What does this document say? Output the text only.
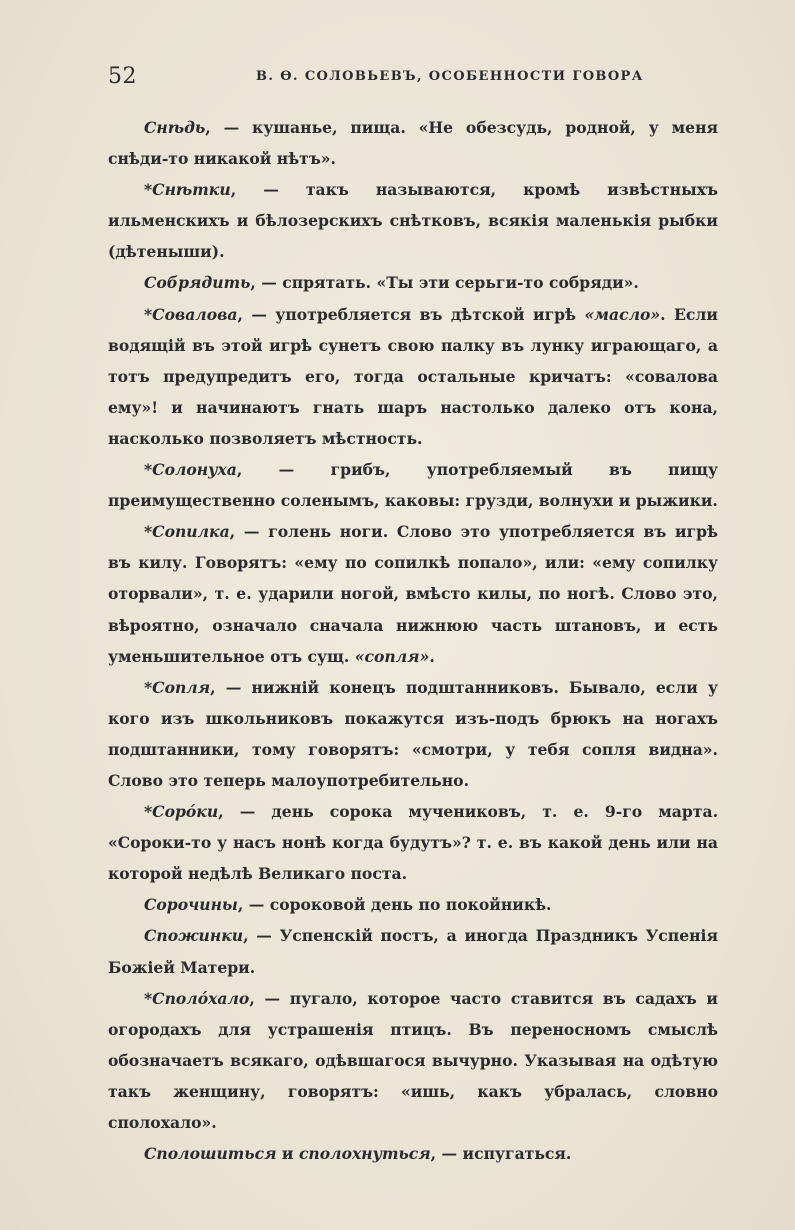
52	В. Ѳ. СОЛОВЬЕВЪ, ОСОБЕННОСТИ ГОВОРА

Снѣдь, — кушанье, пища. «Не обезсудь, родной, у меня снѣди-то никакой нѣтъ».

*Снѣтки, — такъ называются, кромѣ извѣстныхъ ильменскихъ и бѣлозерскихъ снѣтковъ, всякія маленькія рыбки (дѣтеныши).

Собрядить, — спрятать. «Ты эти серьги-то собряди».

*Совалова, — употребляется въ дѣтской игрѣ «масло». Если водящій въ этой игрѣ сунетъ свою палку въ лунку играющаго, а тотъ предупредитъ его, тогда остальные кричатъ: «совалова ему»! и начинаютъ гнать шаръ настолько далеко отъ кона, насколько позволяетъ мѣстность.

*Солонуха, — грибъ, употребляемый въ пищу преимущественно соленымъ, каковы: грузди, волнухи и рыжики.

*Сопилка, — голень ноги. Слово это употребляется въ игрѣ въ килу. Говорятъ: «ему по сопилкѣ попало», или: «ему сопилку оторвали», т. е. ударили ногой, вмѣсто килы, по ногѣ. Слово это, вѣроятно, означало сначала нижнюю часть штановъ, и есть уменьшительное отъ сущ. «сопля».

*Сопля, — нижній конецъ подштанниковъ. Бывало, если у кого изъ школьниковъ покажутся изъ-подъ брюкъ на ногахъ подштанники, тому говорятъ: «смотри, у тебя сопля видна». Слово это теперь малоупотребительно.

*Сорóки, — день сорока мучениковъ, т. е. 9-го марта. «Сороки-то у насъ нонѣ когда будутъ»? т. е. въ какой день или на которой недѣлѣ Великаго поста.

Сорочины, — сороковой день по покойникѣ.

Спожинки, — Успенскій постъ, а иногда Праздникъ Успенія Божіей Матери.

*Сполóхало, — пугало, которое часто ставится въ садахъ и огородахъ для устрашенія птицъ. Въ переносномъ смыслѣ обозначаетъ всякаго, одѣвшагося вычурно. Указывая на одѣтую такъ женщину, говорятъ: «ишь, какъ убралась, словно сполохало».

Сполошиться и сполохнуться, — испугаться.
